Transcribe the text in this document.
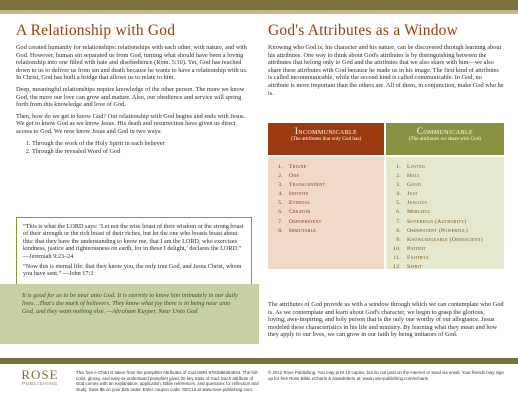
A Relationship with God

God created humanity for relationships: relationships with each other, with nature, and with God. However, human sin separated us from God, turning what should have been a loving relationship into one filled with hate and disobedience (Rom. 5:10). Yet, God has reached down to us to deliver us from sin and death because he wants to have a relationship with us. In Christ, God has built a bridge that allows us to relate to him.

Deep, meaningful relationships require knowledge of the other person. The more we know God, the more our love can grow and mature. Also, our obedience and service will spring forth from this knowledge and love of God.

Then, how do we get to know God? Our relationship with God begins and ends with Jesus. We get to know God as we know Jesus. His death and resurrection have given us direct access to God. We now know Jesus and God in two ways:

1. Through the work of the Holy Spirit in each believer
2. Through the revealed Word of God

“This is what the LORD says: ‘Let not the wise boast of their wisdom or the strong boast of their strength or the rich boast of their riches, but let the one who boasts boast about this: that they have the understanding to know me, that I am the LORD, who exercises kindness, justice and righteousness on earth, for in these I delight,’ declares the LORD.” —Jeremiah 9:23–24

“Now this is eternal life: that they know you, the only true God, and Jesus Christ, whom you have sent.” —John 17:3

It is good for us to be near unto God. It is eternity to know him intimately in our daily lives…That's the mark of believers. They know what joy there is in being near unto God, and they want nothing else. —Abraham Kuyper, Near Unto God

God's Attributes as a Window

Knowing who God is, his character and his nature, can be discovered through learning about his attributes. One way to think about God's attributes is by distinguishing between the attributes that belong only to God and the attributes that we also share with him—we also share these attributes with God because he made us in his image. The first kind of attributes is called incommunicable, while the second kind is called communicable. In God, no attribute is more important than the others are. All of them, in conjunction, make God who he is.

Incommunicable
(The attributes that only God has)
Communicable
(The attributes we share with God)
1. Triune
2. One
3. Transcendent
4. Infinite
5. Eternal
6. Creator
7. Omnipresent
8. Immutable
1. Loving
2. Holy
3. Good
4. Just
5. Jealous
6. Merciful
7. Sovereign (Authority)
8. Omnipotent (Powerful)
9. Knowledgeable (Omniscient)
10. Patient
11. Faithful
12. Spirit

The attributes of God provide us with a window through which we can contemplate who God is. As we contemplate and learn about God's character, we begin to grasp the glorious, loving, awe-inspiring, and holy person that is the only one worthy of our allegiance. Jesus modeled these characteristics in his life and ministry. By learning what they mean and how they apply to our lives, we can grow in our faith by being imitators of God.

ROSE
PUBLISHING
This free e-Chart is taken from the pamphlet Attributes of God ISBN 9781596364844. The full-color, glossy, and easy-to-understand pamphlet gives 20 key traits of God. Each attribute of God comes with an explanation, application, Bible references, and questions for reflection and study. Save $5 on your $25 order. Enter coupon code: SEC12 at www.rose-publishing.com.
© 2012 Rose Publishing. You may print 10 copies, but do not post on the internet or send via email. Your friends may sign up for free Rose Bible eCharts & Newsletters at: www.rose-publishing.com/echarts
